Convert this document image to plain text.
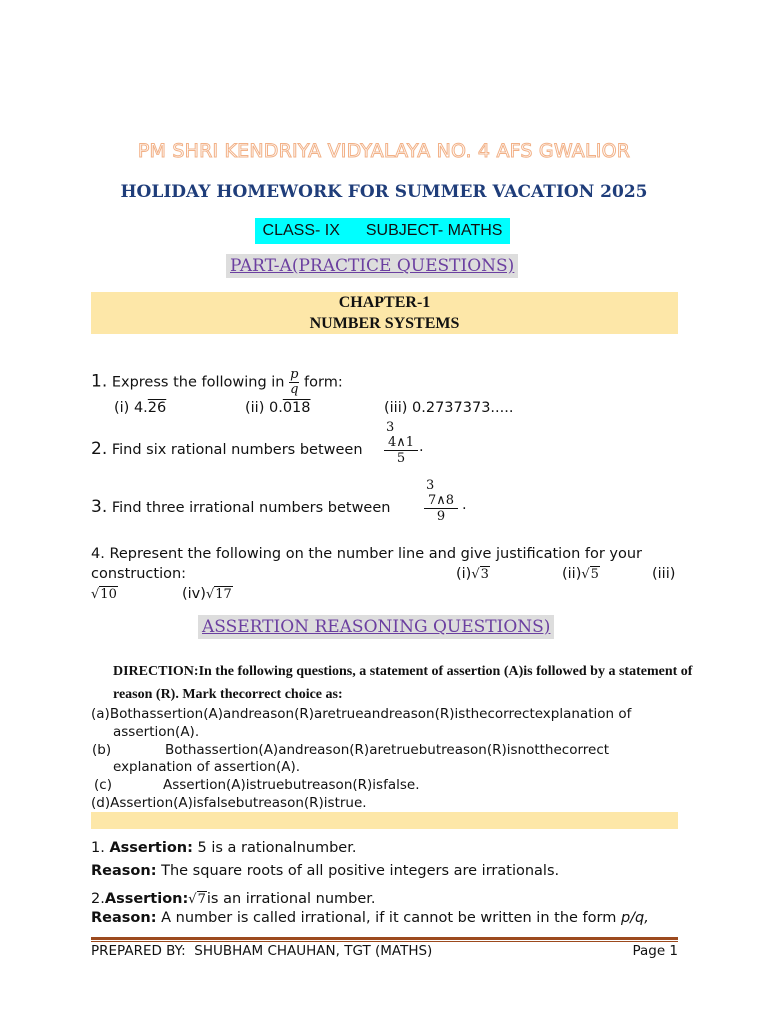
PM SHRI KENDRIYA VIDYALAYA NO. 4 AFS GWALIOR
HOLIDAY HOMEWORK FOR SUMMER VACATION 2025
CLASS- IX SUBJECT- MATHS
PART-A(PRACTICE QUESTIONS)
CHAPTER-1
NUMBER SYSTEMS
1. Express the following in $\frac{p}{q}$ form:
(i) 4.26	(ii) 0.018	(iii) 0.2737373.....
2. Find six rational numbers between
3
4∧1
5
.
3. Find three irrational numbers between
3
7∧8
9
.
4. Represent the following on the number line and give justification for your
construction:	(i)√3	(ii)√5	(iii)
√10	(iv)√17
ASSERTION REASONING QUESTIONS)
DIRECTION:In the following questions, a statement of assertion (A)is followed by a statement of reason (R). Mark thecorrect choice as:
(a)Bothassertion(A)andreason(R)aretrueandreason(R)isthecorrectexplanation of
assertion(A).
(b)	Bothassertion(A)andreason(R)aretruebutreason(R)isnotthecorrect
explanation of assertion(A).
(c)	Assertion(A)istruebutreason(R)isfalse.
(d)Assertion(A)isfalsebutreason(R)istrue.
1. Assertion: 5 is a rationalnumber.
Reason: The square roots of all positive integers are irrationals.
2.Assertion:√7is an irrational number.
Reason: A number is called irrational, if it cannot be written in the form p/q,
PREPARED BY:  SHUBHAM CHAUHAN, TGT (MATHS)	Page 1
